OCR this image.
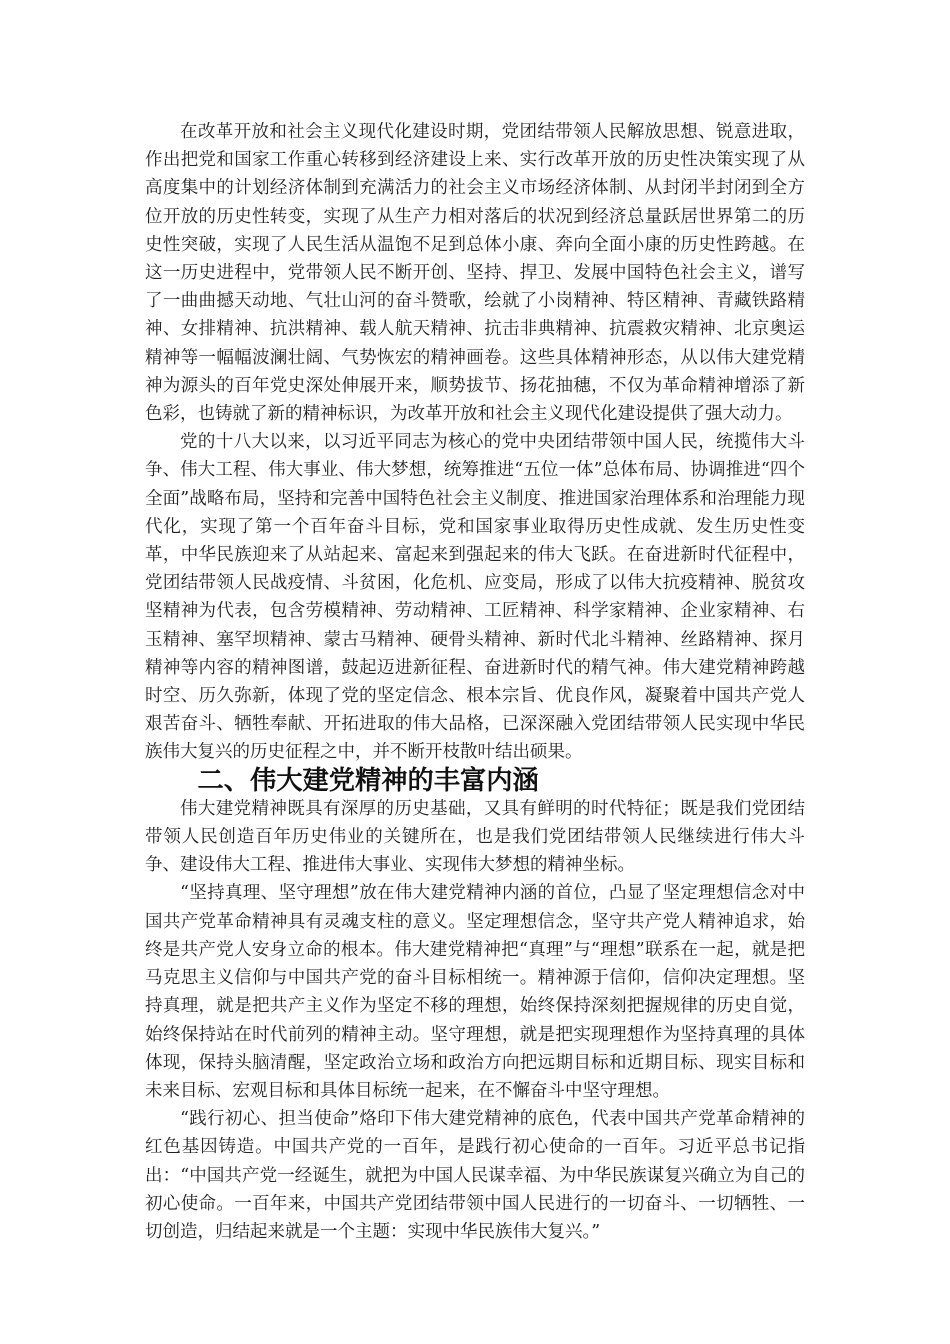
在改革开放和社会主义现代化建设时期，党团结带领人民解放思想、锐意进取，作出把党和国家工作重心转移到经济建设上来、实行改革开放的历史性决策实现了从高度集中的计划经济体制到充满活力的社会主义市场经济体制、从封闭半封闭到全方位开放的历史性转变，实现了从生产力相对落后的状况到经济总量跃居世界第二的历史性突破，实现了人民生活从温饱不足到总体小康、奔向全面小康的历史性跨越。在这一历史进程中，党带领人民不断开创、坚持、捍卫、发展中国特色社会主义，谱写了一曲曲撼天动地、气壮山河的奋斗赞歌，绘就了小岗精神、特区精神、青藏铁路精神、女排精神、抗洪精神、载人航天精神、抗击非典精神、抗震救灾精神、北京奥运精神等一幅幅波澜壮阔、气势恢宏的精神画卷。这些具体精神形态，从以伟大建党精神为源头的百年党史深处伸展开来，顺势拔节、扬花抽穗，不仅为革命精神增添了新色彩，也铸就了新的精神标识，为改革开放和社会主义现代化建设提供了强大动力。

党的十八大以来，以习近平同志为核心的党中央团结带领中国人民，统揽伟大斗争、伟大工程、伟大事业、伟大梦想，统筹推进“五位一体”总体布局、协调推进“四个全面”战略布局，坚持和完善中国特色社会主义制度、推进国家治理体系和治理能力现代化，实现了第一个百年奋斗目标，党和国家事业取得历史性成就、发生历史性变革，中华民族迎来了从站起来、富起来到强起来的伟大飞跃。在奋进新时代征程中，党团结带领人民战疫情、斗贫困，化危机、应变局，形成了以伟大抗疫精神、脱贫攻坚精神为代表，包含劳模精神、劳动精神、工匠精神、科学家精神、企业家精神、右玉精神、塞罕坝精神、蒙古马精神、硬骨头精神、新时代北斗精神、丝路精神、探月精神等内容的精神图谱，鼓起迈进新征程、奋进新时代的精气神。伟大建党精神跨越时空、历久弥新，体现了党的坚定信念、根本宗旨、优良作风，凝聚着中国共产党人艰苦奋斗、牺牲奉献、开拓进取的伟大品格，已深深融入党团结带领人民实现中华民族伟大复兴的历史征程之中，并不断开枝散叶结出硕果。

二、伟大建党精神的丰富内涵

伟大建党精神既具有深厚的历史基础，又具有鲜明的时代特征；既是我们党团结带领人民创造百年历史伟业的关键所在，也是我们党团结带领人民继续进行伟大斗争、建设伟大工程、推进伟大事业、实现伟大梦想的精神坐标。

“坚持真理、坚守理想”放在伟大建党精神内涵的首位，凸显了坚定理想信念对中国共产党革命精神具有灵魂支柱的意义。坚定理想信念，坚守共产党人精神追求，始终是共产党人安身立命的根本。伟大建党精神把“真理”与“理想”联系在一起，就是把马克思主义信仰与中国共产党的奋斗目标相统一。精神源于信仰，信仰决定理想。坚持真理，就是把共产主义作为坚定不移的理想，始终保持深刻把握规律的历史自觉，始终保持站在时代前列的精神主动。坚守理想，就是把实现理想作为坚持真理的具体体现，保持头脑清醒，坚定政治立场和政治方向把远期目标和近期目标、现实目标和未来目标、宏观目标和具体目标统一起来，在不懈奋斗中坚守理想。

“践行初心、担当使命”烙印下伟大建党精神的底色，代表中国共产党革命精神的红色基因铸造。中国共产党的一百年，是践行初心使命的一百年。习近平总书记指出：“中国共产党一经诞生，就把为中国人民谋幸福、为中华民族谋复兴确立为自己的初心使命。一百年来，中国共产党团结带领中国人民进行的一切奋斗、一切牺牲、一切创造，归结起来就是一个主题：实现中华民族伟大复兴。”
